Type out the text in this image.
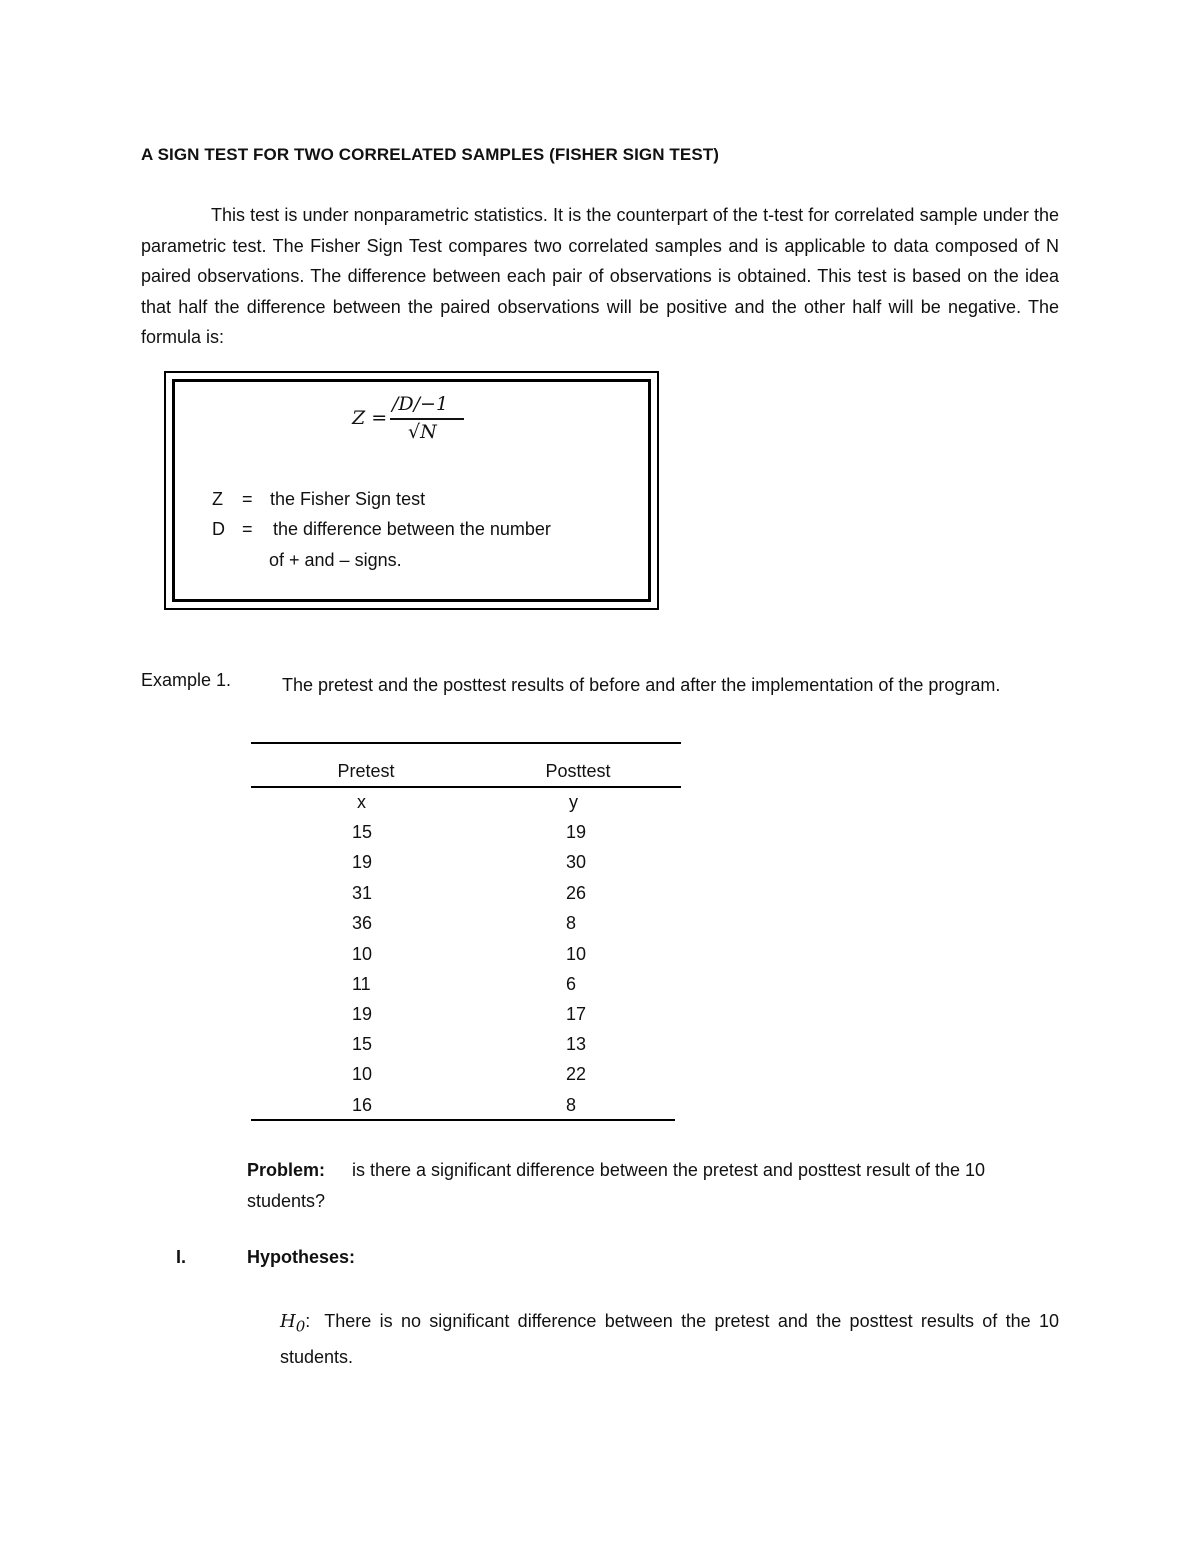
A SIGN TEST FOR TWO CORRELATED SAMPLES (FISHER SIGN TEST)
This test is under nonparametric statistics. It is the counterpart of the t-test for correlated sample under the parametric test. The Fisher Sign Test compares two correlated samples and is applicable to data composed of N paired observations. The difference between each pair of observations is obtained. This test is based on the idea that half the difference between the paired observations will be positive and the other half will be negative. The formula is:
Z =
/D/−1
√N
Z = the Fisher Sign test
D = the difference between the number
of + and – signs.
Example 1.	The pretest and the posttest results of before and after the implementation of the program.
Pretest	Posttest
x	y
15	19
19	30
31	26
36	8
10	10
11	6
19	17
15	13
10	22
16	8
Problem: is there a significant difference between the pretest and posttest result of the 10 students?
I.	Hypotheses:
$H_0$: There is no significant difference between the pretest and the posttest results of the 10 students.
